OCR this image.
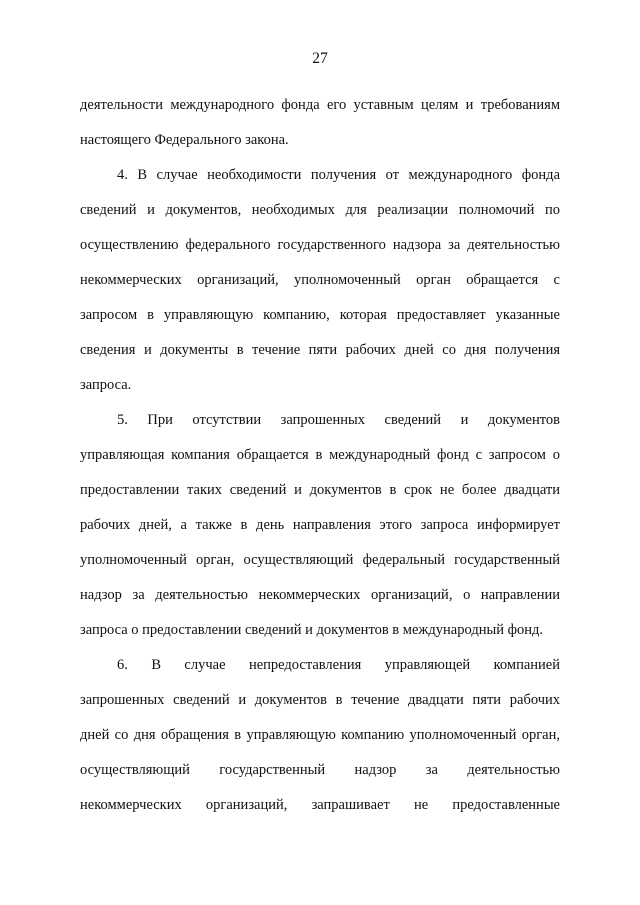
27
деятельности международного фонда его уставным целям и требованиям
настоящего Федерального закона.
4. В случае необходимости получения от международного фонда
сведений и документов, необходимых для реализации полномочий по
осуществлению федерального государственного надзора за деятельностью
некоммерческих организаций, уполномоченный орган обращается с
запросом в управляющую компанию, которая предоставляет указанные
сведения и документы в течение пяти рабочих дней со дня получения
запроса.
5. При отсутствии запрошенных сведений и документов
управляющая компания обращается в международный фонд с запросом о
предоставлении таких сведений и документов в срок не более двадцати
рабочих дней, а также в день направления этого запроса информирует
уполномоченный орган, осуществляющий федеральный государственный
надзор за деятельностью некоммерческих организаций, о направлении
запроса о предоставлении сведений и документов в международный фонд.
6. В случае непредоставления управляющей компанией
запрошенных сведений и документов в течение двадцати пяти рабочих
дней со дня обращения в управляющую компанию уполномоченный орган,
осуществляющий государственный надзор за деятельностью
некоммерческих организаций, запрашивает не предоставленные
